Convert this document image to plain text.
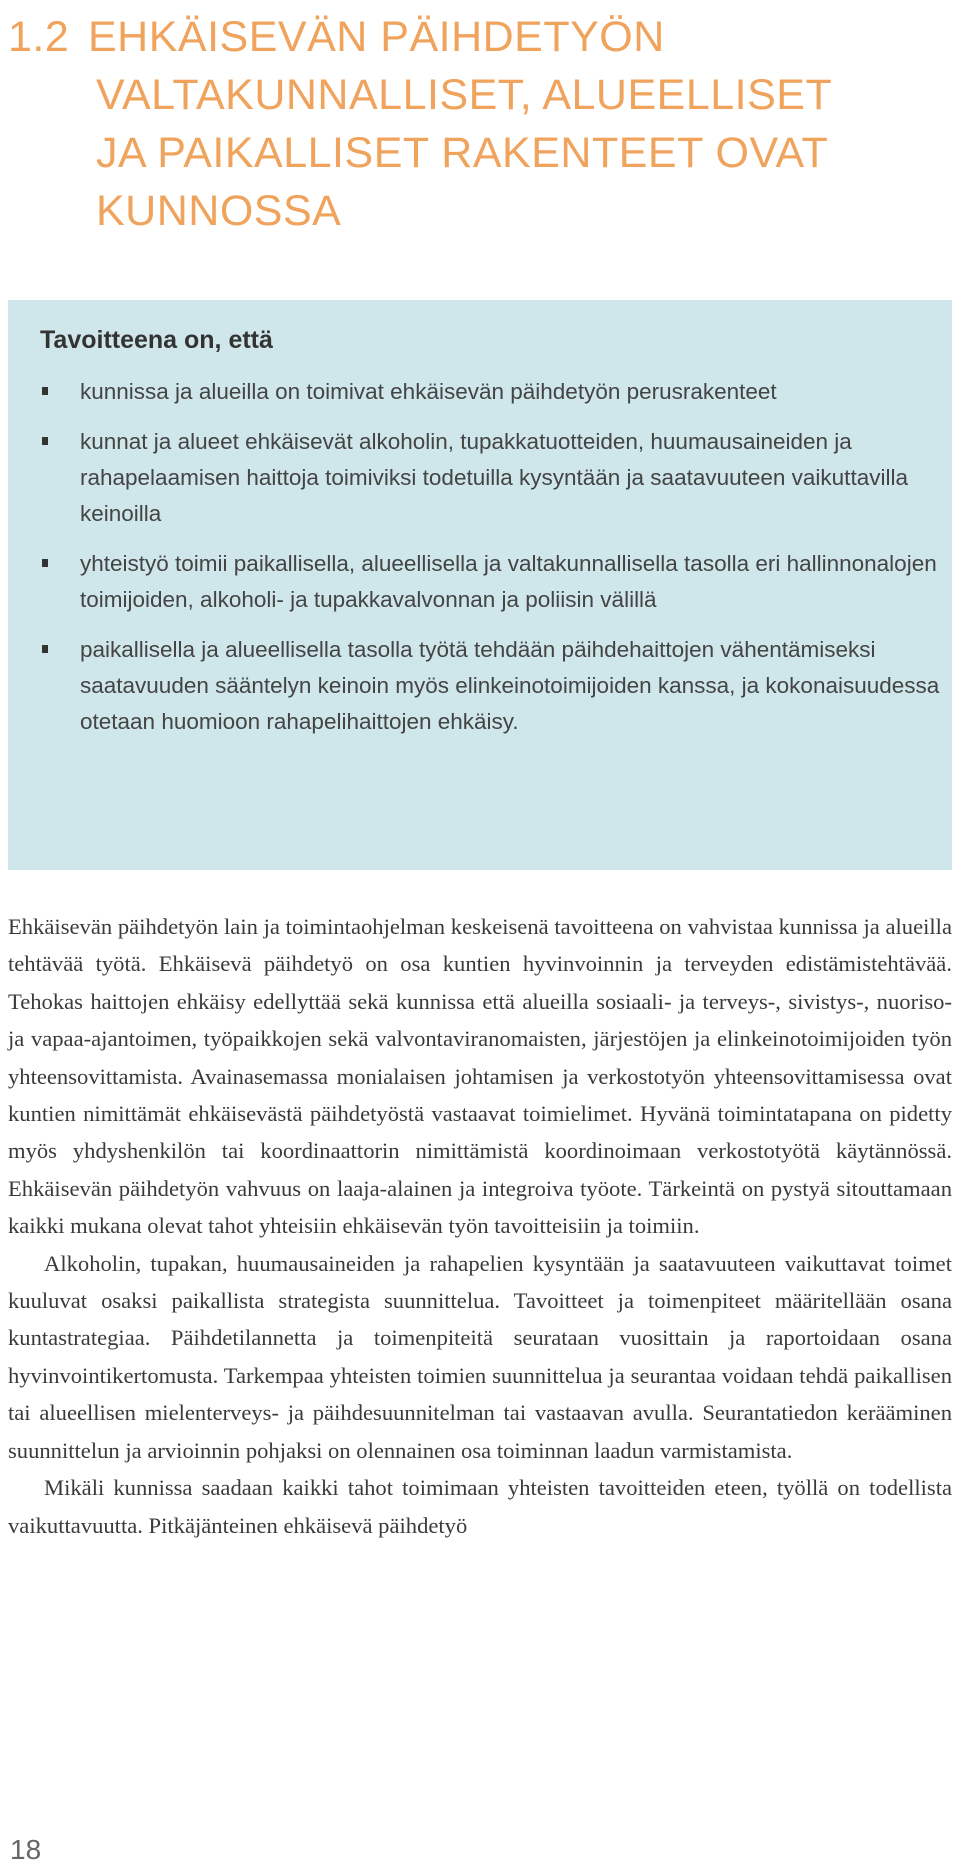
1.2 EHKÄISEVÄN PÄIHDETYÖN
VALTAKUNNALLISET, ALUEELLISET
JA PAIKALLISET RAKENTEET OVAT
KUNNOSSA
Tavoitteena on, että
kunnissa ja alueilla on toimivat ehkäisevän päihdetyön perusrakenteet
kunnat ja alueet ehkäisevät alkoholin, tupakkatuotteiden, huumausaineiden ja rahapelaamisen haittoja toimiviksi todetuilla kysyntään ja saatavuuteen vaikuttavilla keinoilla
yhteistyö toimii paikallisella, alueellisella ja valtakunnallisella tasolla eri hallinnonalojen toimijoiden, alkoholi- ja tupakkavalvonnan ja poliisin välillä
paikallisella ja alueellisella tasolla työtä tehdään päihdehaittojen vähentämiseksi saatavuuden sääntelyn keinoin myös elinkeinotoimijoiden kanssa, ja kokonaisuudessa otetaan huomioon rahapelihaittojen ehkäisy.

Ehkäisevän päihdetyön lain ja toimintaohjelman keskeisenä tavoitteena on vahvistaa kunnissa ja alueilla tehtävää työtä. Ehkäisevä päihdetyö on osa kuntien hyvinvoinnin ja terveyden edistämistehtävää. Tehokas haittojen ehkäisy edellyttää sekä kunnissa että alueilla sosiaali- ja terveys-, sivistys-, nuoriso- ja vapaa-ajantoimen, työpaikkojen sekä valvontaviranomaisten, järjestöjen ja elinkeinotoimijoiden työn yhteensovittamista. Avainasemassa monialaisen johtamisen ja verkostotyön yhteensovittamisessa ovat kuntien nimittämät ehkäisevästä päihdetyöstä vastaavat toimielimet. Hyvänä toimintatapana on pidetty myös yhdyshenkilön tai koordinaattorin nimittämistä koordinoimaan verkostotyötä käytännössä. Ehkäisevän päihdetyön vahvuus on laaja-alainen ja integroiva työote. Tärkeintä on pystyä sitouttamaan kaikki mukana olevat tahot yhteisiin ehkäisevän työn tavoitteisiin ja toimiin.

Alkoholin, tupakan, huumausaineiden ja rahapelien kysyntään ja saatavuuteen vaikuttavat toimet kuuluvat osaksi paikallista strategista suunnittelua. Tavoitteet ja toimenpiteet määritellään osana kuntastrategiaa. Päihdetilannetta ja toimenpiteitä seurataan vuosittain ja raportoidaan osana hyvinvointikertomusta. Tarkempaa yhteisten toimien suunnittelua ja seurantaa voidaan tehdä paikallisen tai alueellisen mielenterveys- ja päihdesuunnitelman tai vastaavan avulla. Seurantatiedon kerääminen suunnittelun ja arvioinnin pohjaksi on olennainen osa toiminnan laadun varmistamista.

Mikäli kunnissa saadaan kaikki tahot toimimaan yhteisten tavoitteiden eteen, työllä on todellista vaikuttavuutta. Pitkäjänteinen ehkäisevä päihdetyö

18
